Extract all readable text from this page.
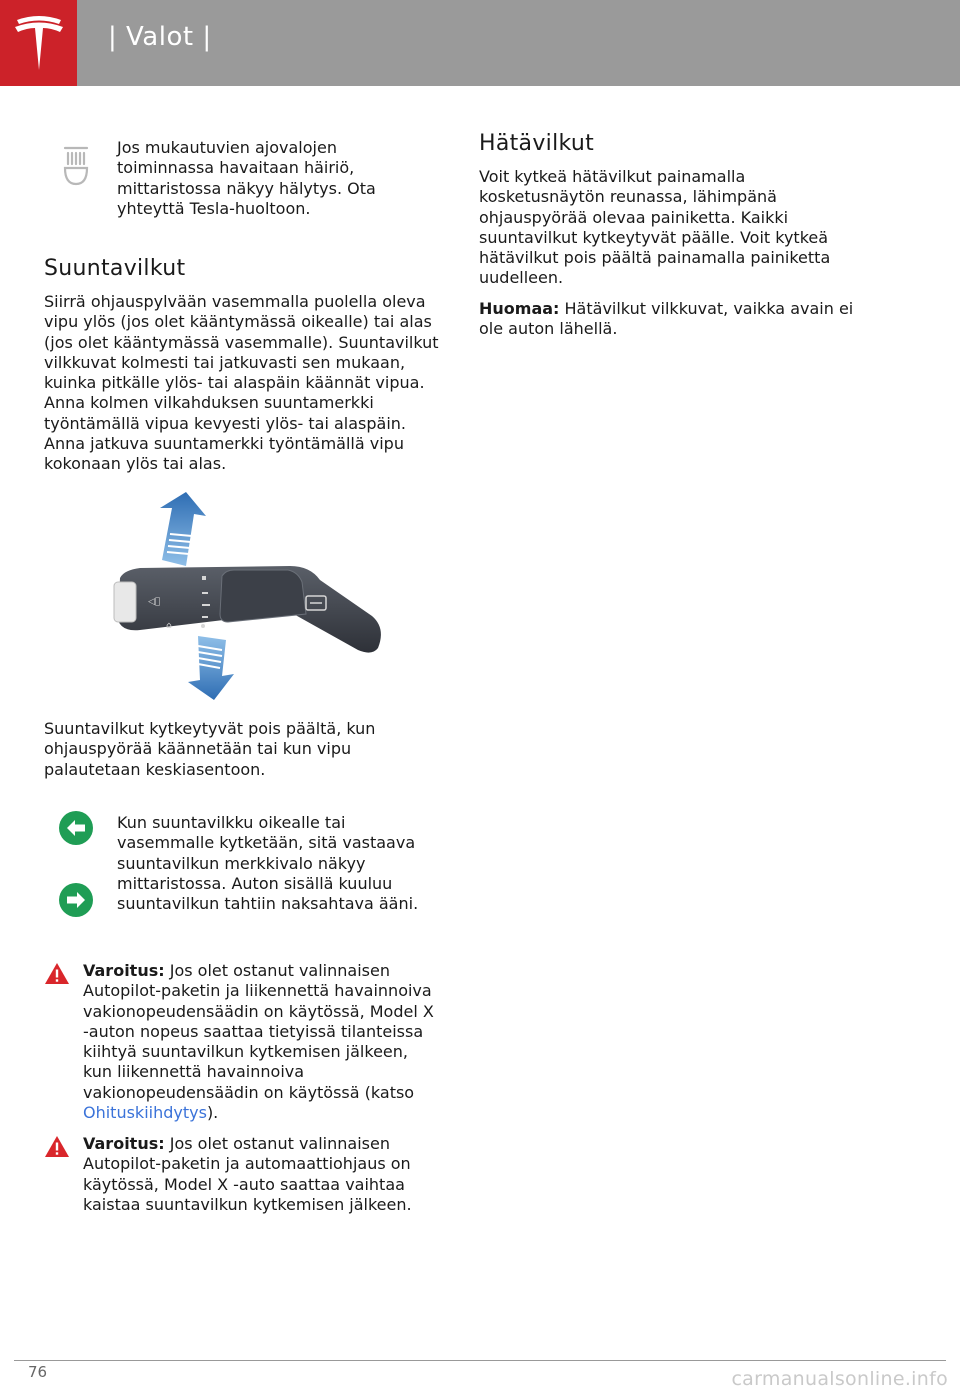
| Valot |

Jos mukautuvien ajovalojen toiminnassa havaitaan häiriö, mittaristossa näkyy hälytys. Ota yhteyttä Tesla-huoltoon.

Suuntavilkut

Siirrä ohjauspylvään vasemmalla puolella oleva vipu ylös (jos olet kääntymässä oikealle) tai alas (jos olet kääntymässä vasemmalle). Suuntavilkut vilkkuvat kolmesti tai jatkuvasti sen mukaan, kuinka pitkälle ylös- tai alaspäin käännät vipua. Anna kolmen vilkahduksen suuntamerkki työntämällä vipua kevyesti ylös- tai alaspäin. Anna jatkuva suuntamerkki työntämällä vipu kokonaan ylös tai alas.

◁⃝
⌂

Suuntavilkut kytkeytyvät pois päältä, kun ohjauspyörää käännetään tai kun vipu palautetaan keskiasentoon.

Kun suuntavilkku oikealle tai vasemmalle kytketään, sitä vastaava suuntavilkun merkkivalo näkyy mittaristossa. Auton sisällä kuuluu suuntavilkun tahtiin naksahtava ääni.

Varoitus: Jos olet ostanut valinnaisen Autopilot-paketin ja liikennettä havainnoiva vakionopeudensäädin on käytössä, Model X -auton nopeus saattaa tietyissä tilanteissa kiihtyä suuntavilkun kytkemisen jälkeen, kun liikennettä havainnoiva vakionopeudensäädin on käytössä (katso Ohituskiihdytys).

Varoitus: Jos olet ostanut valinnaisen Autopilot-paketin ja automaattiohjaus on käytössä, Model X -auto saattaa vaihtaa kaistaa suuntavilkun kytkemisen jälkeen.

Hätävilkut

Voit kytkeä hätävilkut painamalla kosketusnäytön reunassa, lähimpänä ohjauspyörää olevaa painiketta. Kaikki suuntavilkut kytkeytyvät päälle. Voit kytkeä hätävilkut pois päältä painamalla painiketta uudelleen.

Huomaa: Hätävilkut vilkkuvat, vaikka avain ei ole auton lähellä.

76	carmanualsonline.info
